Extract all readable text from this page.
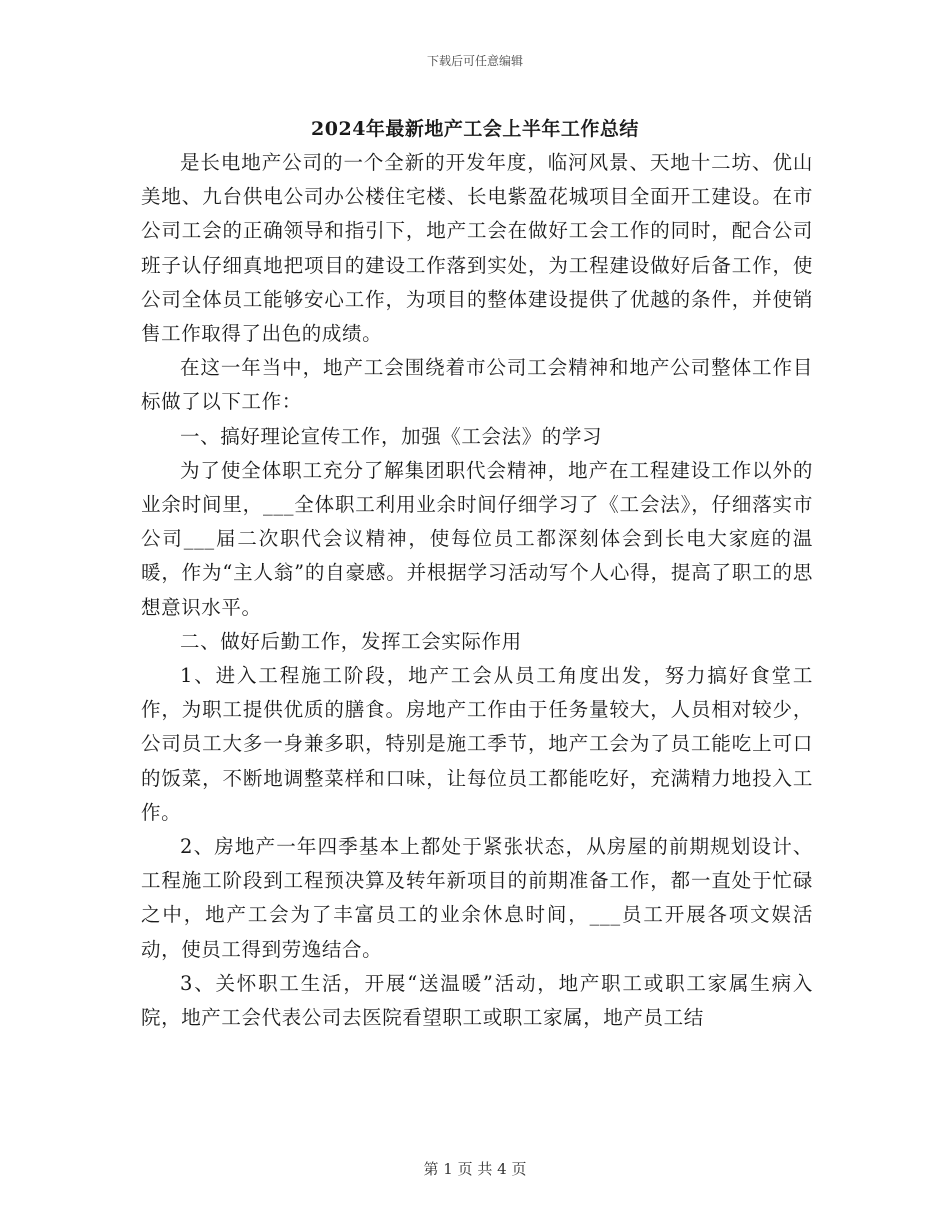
下载后可任意编辑
2024年最新地产工会上半年工作总结

是长电地产公司的一个全新的开发年度，临河风景、天地十二坊、优山美地、九台供电公司办公楼住宅楼、长电紫盈花城项目全面开工建设。在市公司工会的正确领导和指引下，地产工会在做好工会工作的同时，配合公司班子认仔细真地把项目的建设工作落到实处，为工程建设做好后备工作，使公司全体员工能够安心工作，为项目的整体建设提供了优越的条件，并使销售工作取得了出色的成绩。

在这一年当中，地产工会围绕着市公司工会精神和地产公司整体工作目标做了以下工作：

一、搞好理论宣传工作，加强《工会法》的学习

为了使全体职工充分了解集团职代会精神，地产在工程建设工作以外的业余时间里，___全体职工利用业余时间仔细学习了《工会法》，仔细落实市公司___届二次职代会议精神，使每位员工都深刻体会到长电大家庭的温暖，作为“主人翁”的自豪感。并根据学习活动写个人心得，提高了职工的思想意识水平。

二、做好后勤工作，发挥工会实际作用

1、进入工程施工阶段，地产工会从员工角度出发，努力搞好食堂工作，为职工提供优质的膳食。房地产工作由于任务量较大，人员相对较少，公司员工大多一身兼多职，特别是施工季节，地产工会为了员工能吃上可口的饭菜，不断地调整菜样和口味，让每位员工都能吃好，充满精力地投入工作。

2、房地产一年四季基本上都处于紧张状态，从房屋的前期规划设计、工程施工阶段到工程预决算及转年新项目的前期准备工作，都一直处于忙碌之中，地产工会为了丰富员工的业余休息时间，___员工开展各项文娱活动，使员工得到劳逸结合。

3、关怀职工生活，开展“送温暖”活动，地产职工或职工家属生病入院，地产工会代表公司去医院看望职工或职工家属，地产员工结

第 1 页 共 4 页
